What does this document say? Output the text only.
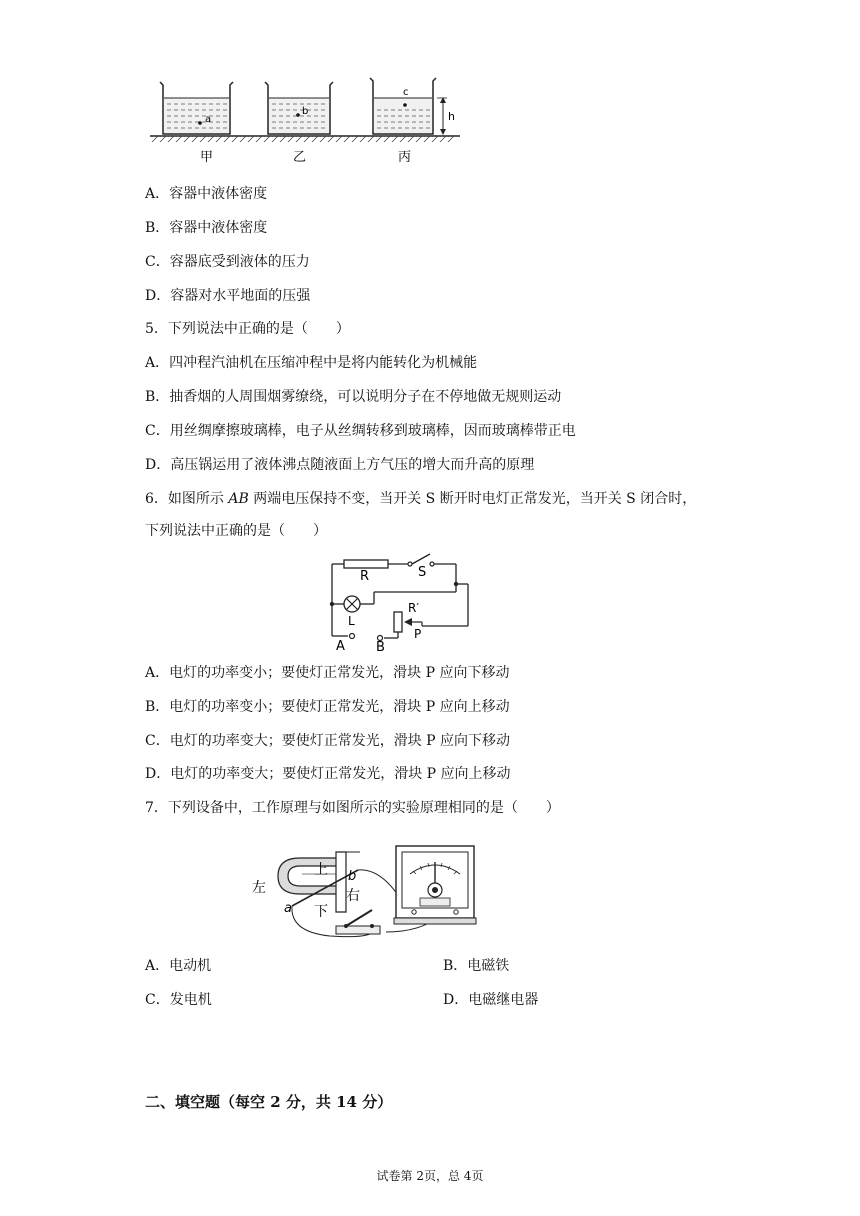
a
b
c
h
甲	乙	丙
A．容器中液体密度
B．容器中液体密度
C．容器底受到液体的压力
D．容器对水平地面的压强
5．下列说法中正确的是（　　）
A．四冲程汽油机在压缩冲程中是将内能转化为机械能
B．抽香烟的人周围烟雾缭绕，可以说明分子在不停地做无规则运动
C．用丝绸摩擦玻璃棒，电子从丝绸转移到玻璃棒，因而玻璃棒带正电
D．高压锅运用了液体沸点随液面上方气压的增大而升高的原理
6．如图所示 AB 两端电压保持不变，当开关 S 断开时电灯正常发光，当开关 S 闭合时，
下列说法中正确的是（　　）
R	S
L
R′
P
A B
A．电灯的功率变小；要使灯正常发光，滑块 P 应向下移动
B．电灯的功率变小；要使灯正常发光，滑块 P 应向上移动
C．电灯的功率变大；要使灯正常发光，滑块 P 应向下移动
D．电灯的功率变大；要使灯正常发光，滑块 P 应向上移动
7．下列设备中，工作原理与如图所示的实验原理相同的是（　　）
左
上
右
下
a
b
A．电动机	B．电磁铁
C．发电机	D．电磁继电器
二、填空题（每空 2 分，共 14 分）
试卷第 2页，总 4页
